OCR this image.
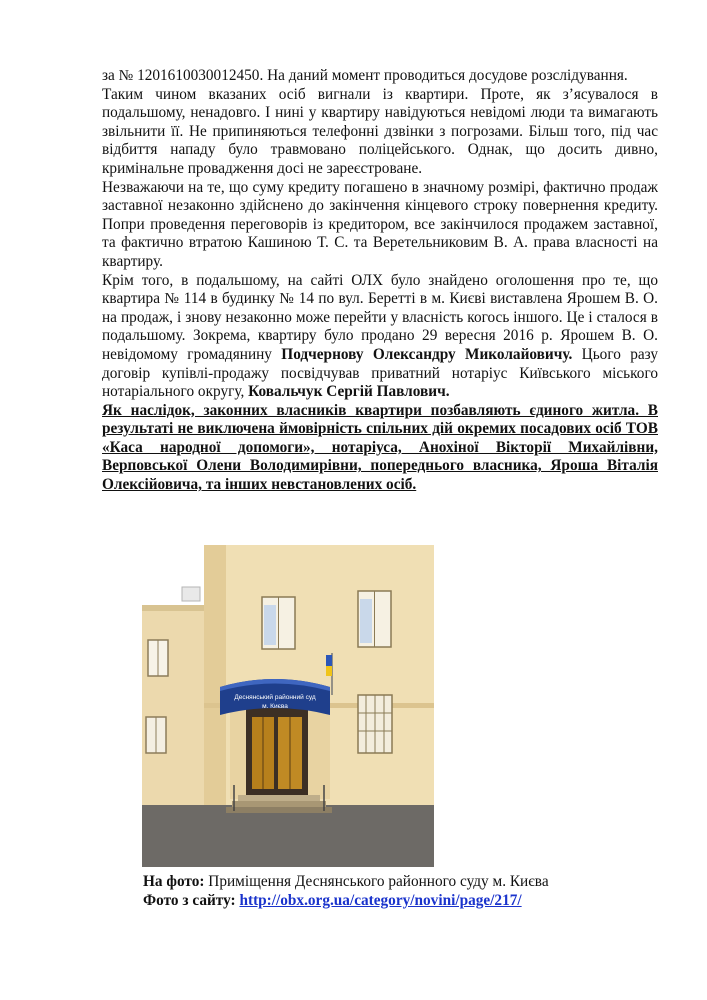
за № 1201610030012450. На даний момент проводиться досудове розслідування.

Таким чином вказаних осіб вигнали із квартири. Проте, як з’ясувалося в подальшому, ненадовго. І нині у квартиру навідуються невідомі люди та вимагають звільнити її. Не припиняються телефонні дзвінки з погрозами. Більш того, під час відбиття нападу було травмовано поліцейського. Однак, що досить дивно, кримінальне провадження досі не зареєстроване.

Незважаючи на те, що суму кредиту погашено в значному розмірі, фактично продаж заставної незаконно здійснено до закінчення кінцевого строку повернення кредиту. Попри проведення переговорів із кредитором, все закінчилося продажем заставної, та фактично втратою Кашиною Т. С. та Веретельниковим В. А. права власності на квартиру.

Крім того, в подальшому, на сайті ОЛХ було знайдено оголошення про те, що квартира № 114 в будинку № 14 по вул. Беретті в м. Києві виставлена Ярошем В. О. на продаж, і знову незаконно може перейти у власність когось іншого. Це і сталося в подальшому. Зокрема, квартиру було продано 29 вересня 2016 р. Ярошем В. О. невідомому громадянину Подчернову Олександру Миколайовичу. Цього разу договір купівлі-продажу посвідчував приватний нотаріус Київського міського нотаріального округу, Ковальчук Сергій Павлович.

Як наслідок, законних власників квартири позбавляють єдиного житла. В результаті не виключена ймовірність спільних дій окремих посадових осіб ТОВ «Каса народної допомоги», нотаріуса, Анохіної Вікторії Михайлівни, Верповської Олени Володимирівни, попереднього власника, Яроша Віталія Олексійовича, та інших невстановлених осіб.

Деснянський районний суд
м. Києва
На фото: Приміщення Деснянського районного суду м. Києва
Фото з сайту: http://obx.org.ua/category/novini/page/217/
